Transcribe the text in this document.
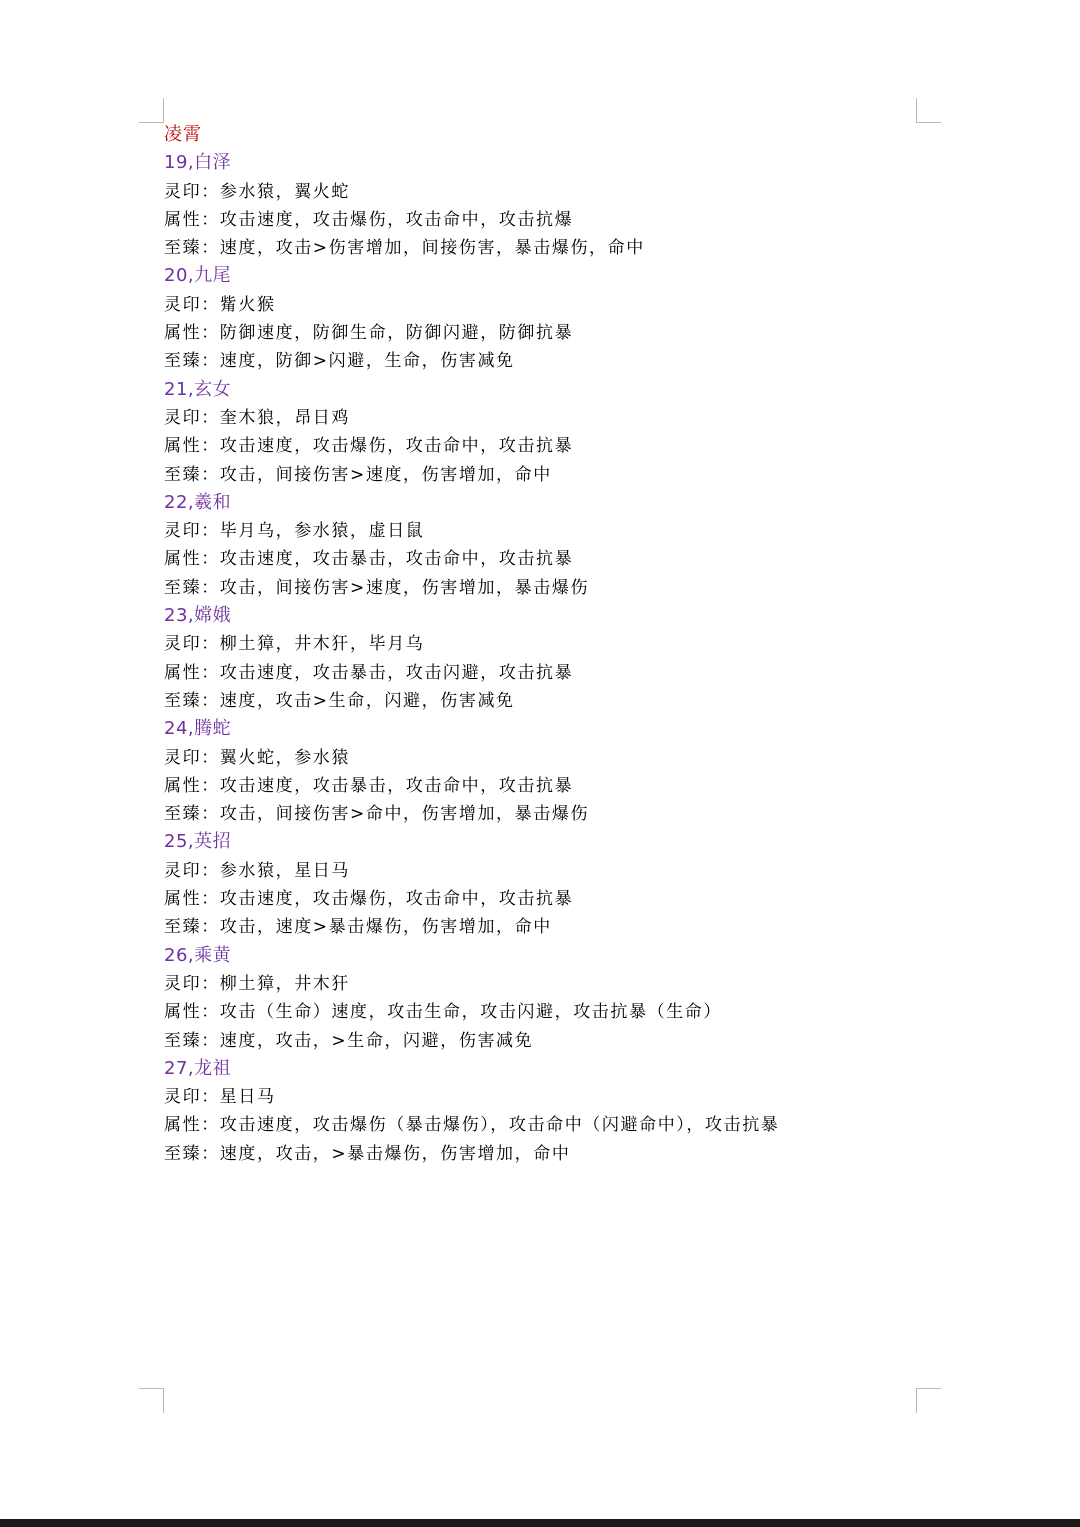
凌霄
19,白泽
灵印：参水猿，翼火蛇
属性：攻击速度，攻击爆伤，攻击命中，攻击抗爆
至臻：速度，攻击>伤害增加，间接伤害，暴击爆伤，命中
20,九尾
灵印：觜火猴
属性：防御速度，防御生命，防御闪避，防御抗暴
至臻：速度，防御>闪避，生命，伤害减免
21,玄女
灵印：奎木狼，昂日鸡
属性：攻击速度，攻击爆伤，攻击命中，攻击抗暴
至臻：攻击，间接伤害>速度，伤害增加，命中
22,羲和
灵印：毕月乌，参水猿，虚日鼠
属性：攻击速度，攻击暴击，攻击命中，攻击抗暴
至臻：攻击，间接伤害>速度，伤害增加，暴击爆伤
23,嫦娥
灵印：柳土獐，井木犴，毕月乌
属性：攻击速度，攻击暴击，攻击闪避，攻击抗暴
至臻：速度，攻击>生命，闪避，伤害减免
24,腾蛇
灵印：翼火蛇，参水猿
属性：攻击速度，攻击暴击，攻击命中，攻击抗暴
至臻：攻击，间接伤害>命中，伤害增加，暴击爆伤
25,英招
灵印：参水猿，星日马
属性：攻击速度，攻击爆伤，攻击命中，攻击抗暴
至臻：攻击，速度>暴击爆伤，伤害增加，命中
26,乘黄
灵印：柳土獐，井木犴
属性：攻击（生命）速度，攻击生命，攻击闪避，攻击抗暴（生命）
至臻：速度，攻击，>生命，闪避，伤害减免
27,龙祖
灵印：星日马
属性：攻击速度，攻击爆伤（暴击爆伤），攻击命中（闪避命中），攻击抗暴
至臻：速度，攻击，>暴击爆伤，伤害增加，命中
